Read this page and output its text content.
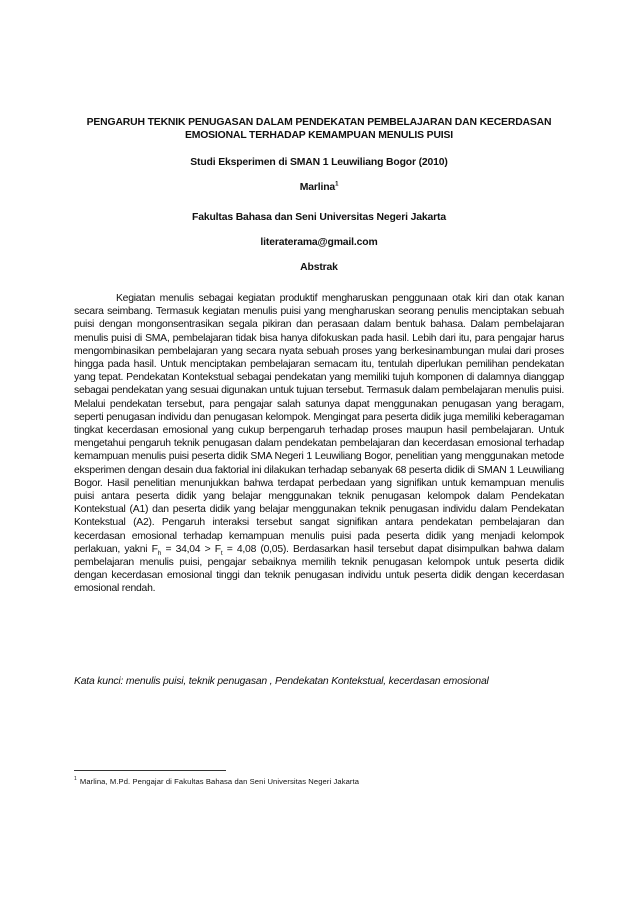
PENGARUH TEKNIK PENUGASAN DALAM PENDEKATAN PEMBELAJARAN DAN KECERDASAN EMOSIONAL TERHADAP KEMAMPUAN MENULIS PUISI
Studi Eksperimen di SMAN 1 Leuwiliang Bogor (2010)
Marlina$^1$
Fakultas Bahasa dan Seni Universitas Negeri Jakarta
literaterama@gmail.com
Abstrak

Kegiatan menulis sebagai kegiatan produktif mengharuskan penggunaan otak kiri dan otak kanan secara seimbang. Termasuk kegiatan menulis puisi yang mengharuskan seorang penulis menciptakan sebuah puisi dengan mongonsentrasikan segala pikiran dan perasaan dalam bentuk bahasa. Dalam pembelajaran menulis puisi di SMA, pembelajaran tidak bisa hanya difokuskan pada hasil. Lebih dari itu, para pengajar harus mengombinasikan pembelajaran yang secara nyata sebuah proses yang berkesinambungan mulai dari proses hingga pada hasil. Untuk menciptakan pembelajaran semacam itu, tentulah diperlukan pemilihan pendekatan yang tepat. Pendekatan Kontekstual sebagai pendekatan yang memiliki tujuh komponen di dalamnya dianggap sebagai pendekatan yang sesuai digunakan untuk tujuan tersebut. Termasuk dalam pembelajaran menulis puisi. Melalui pendekatan tersebut, para pengajar salah satunya dapat menggunakan penugasan yang beragam, seperti penugasan individu dan penugasan kelompok. Mengingat para peserta didik juga memiliki keberagaman tingkat kecerdasan emosional yang cukup berpengaruh terhadap proses maupun hasil pembelajaran. Untuk mengetahui pengaruh teknik penugasan dalam pendekatan pembelajaran dan kecerdasan emosional terhadap kemampuan menulis puisi peserta didik SMA Negeri 1 Leuwiliang Bogor, penelitian yang menggunakan metode eksperimen dengan desain dua faktorial ini dilakukan terhadap sebanyak 68 peserta didik di SMAN 1 Leuwiliang Bogor. Hasil penelitian menunjukkan bahwa terdapat perbedaan yang signifikan untuk kemampuan menulis puisi antara peserta didik yang belajar menggunakan teknik penugasan kelompok dalam Pendekatan Kontekstual (A1) dan peserta didik yang belajar menggunakan teknik penugasan individu dalam Pendekatan Kontekstual (A2). Pengaruh interaksi tersebut sangat signifikan antara pendekatan pembelajaran dan kecerdasan emosional terhadap kemampuan menulis puisi pada peserta didik yang menjadi kelompok perlakuan, yakni $F_h = 34,04 > F_t = 4,08$ (0,05). Berdasarkan hasil tersebut dapat disimpulkan bahwa dalam pembelajaran menulis puisi, pengajar sebaiknya memilih teknik penugasan kelompok untuk peserta didik dengan kecerdasan emosional tinggi dan teknik penugasan individu untuk peserta didik dengan kecerdasan emosional rendah.

Kata kunci: menulis puisi, teknik penugasan , Pendekatan Kontekstual, kecerdasan emosional
$^1$ Marlina, M.Pd. Pengajar di Fakultas Bahasa dan Seni Universitas Negeri Jakarta
